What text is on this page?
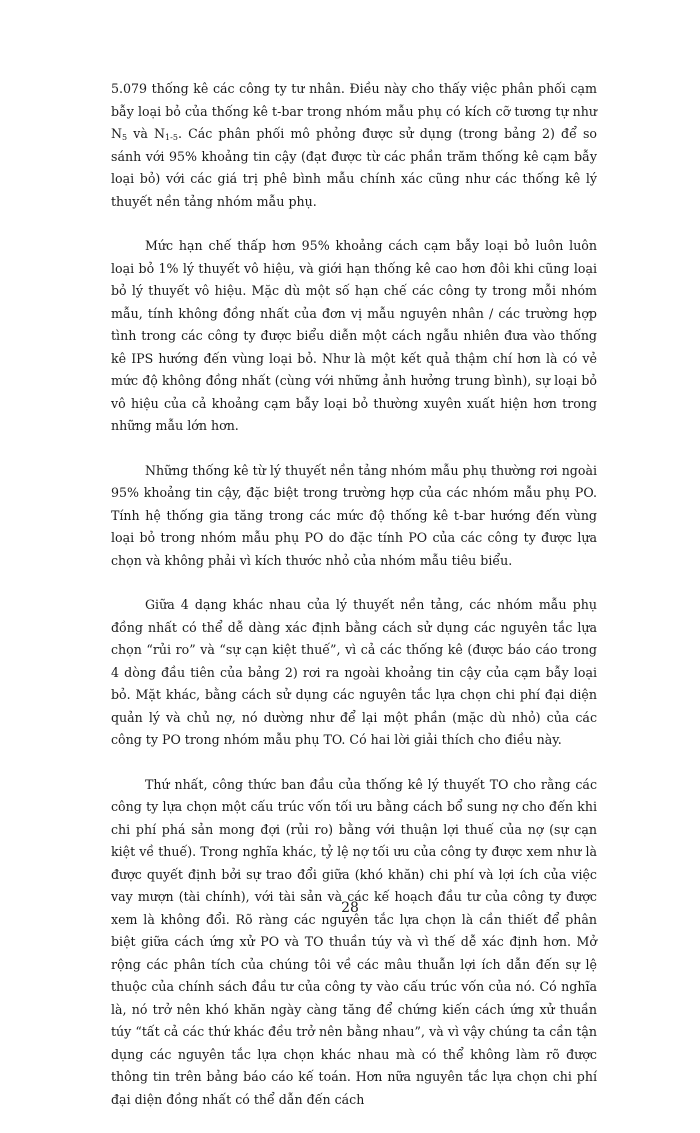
5.079 thống kê các công ty tư nhân. Điều này cho thấy việc phân phối cạm bẫy loại bỏ của thống kê t-bar trong nhóm mẫu phụ có kích cỡ tương tự như $N_5$ và $N_{1-5}$. Các phân phối mô phỏng được sử dụng (trong bảng 2) để so sánh với 95% khoảng tin cậy (đạt được từ các phần trăm thống kê cạm bẫy loại bỏ) với các giá trị phê bình mẫu chính xác cũng như các thống kê lý thuyết nền tảng nhóm mẫu phụ.

Mức hạn chế thấp hơn 95% khoảng cách cạm bẫy loại bỏ luôn luôn loại bỏ 1% lý thuyết vô hiệu, và giới hạn thống kê cao hơn đôi khi cũng loại bỏ lý thuyết vô hiệu. Mặc dù một số hạn chế các công ty trong mỗi nhóm mẫu, tính không đồng nhất của đơn vị mẫu nguyên nhân / các trường hợp tình trong các công ty được biểu diễn một cách ngẫu nhiên đưa vào thống kê IPS hướng đến vùng loại bỏ. Như là một kết quả thậm chí hơn là có vẻ mức độ không đồng nhất (cùng với những ảnh hưởng trung bình), sự loại bỏ vô hiệu của cả khoảng cạm bẫy loại bỏ thường xuyên xuất hiện hơn trong những mẫu lớn hơn.

Những thống kê từ lý thuyết nền tảng nhóm mẫu phụ thường rơi ngoài 95% khoảng tin cậy, đặc biệt trong trường hợp của các nhóm mẫu phụ PO. Tính hệ thống gia tăng trong các mức độ thống kê t-bar hướng đến vùng loại bỏ trong nhóm mẫu phụ PO do đặc tính PO của các công ty được lựa chọn và không phải vì kích thước nhỏ của nhóm mẫu tiêu biểu.

Giữa 4 dạng khác nhau của lý thuyết nền tảng, các nhóm mẫu phụ đồng nhất có thể dễ dàng xác định bằng cách sử dụng các nguyên tắc lựa chọn “rủi ro” và “sự cạn kiệt thuế”, vì cả các thống kê (được báo cáo trong 4 dòng đầu tiên của bảng 2) rơi ra ngoài khoảng tin cậy của cạm bẫy loại bỏ. Mặt khác, bằng cách sử dụng các nguyên tắc lựa chọn chi phí đại diện quản lý và chủ nợ, nó dường như để lại một phần (mặc dù nhỏ) của các công ty PO trong nhóm mẫu phụ TO. Có hai lời giải thích cho điều này.

Thứ nhất, công thức ban đầu của thống kê lý thuyết TO cho rằng các công ty lựa chọn một cấu trúc vốn tối ưu bằng cách bổ sung nợ cho đến khi chi phí phá sản mong đợi (rủi ro) bằng với thuận lợi thuế của nợ (sự cạn kiệt về thuế). Trong nghĩa khác, tỷ lệ nợ tối ưu của công ty được xem như là được quyết định bởi sự trao đổi giữa (khó khăn) chi phí và lợi ích của việc vay mượn (tài chính), với tài sản và các kế hoạch đầu tư của công ty được xem là không đổi. Rõ ràng các nguyên tắc lựa chọn là cần thiết để phân biệt giữa cách ứng xử PO và TO thuần túy và vì thế dễ xác định hơn. Mở rộng các phân tích của chúng tôi về các mâu thuẫn lợi ích dẫn đến sự lệ thuộc của chính sách đầu tư của công ty vào cấu trúc vốn của nó. Có nghĩa là, nó trở nên khó khăn ngày càng tăng để chứng kiến cách ứng xử thuần túy “tất cả các thứ khác đều trở nên bằng nhau”, và vì vậy chúng ta cần tận dụng các nguyên tắc lựa chọn khác nhau mà có thể không làm rõ được thông tin trên bảng báo cáo kế toán. Hơn nữa nguyên tắc lựa chọn chi phí đại diện đồng nhất có thể dẫn đến cách

28
